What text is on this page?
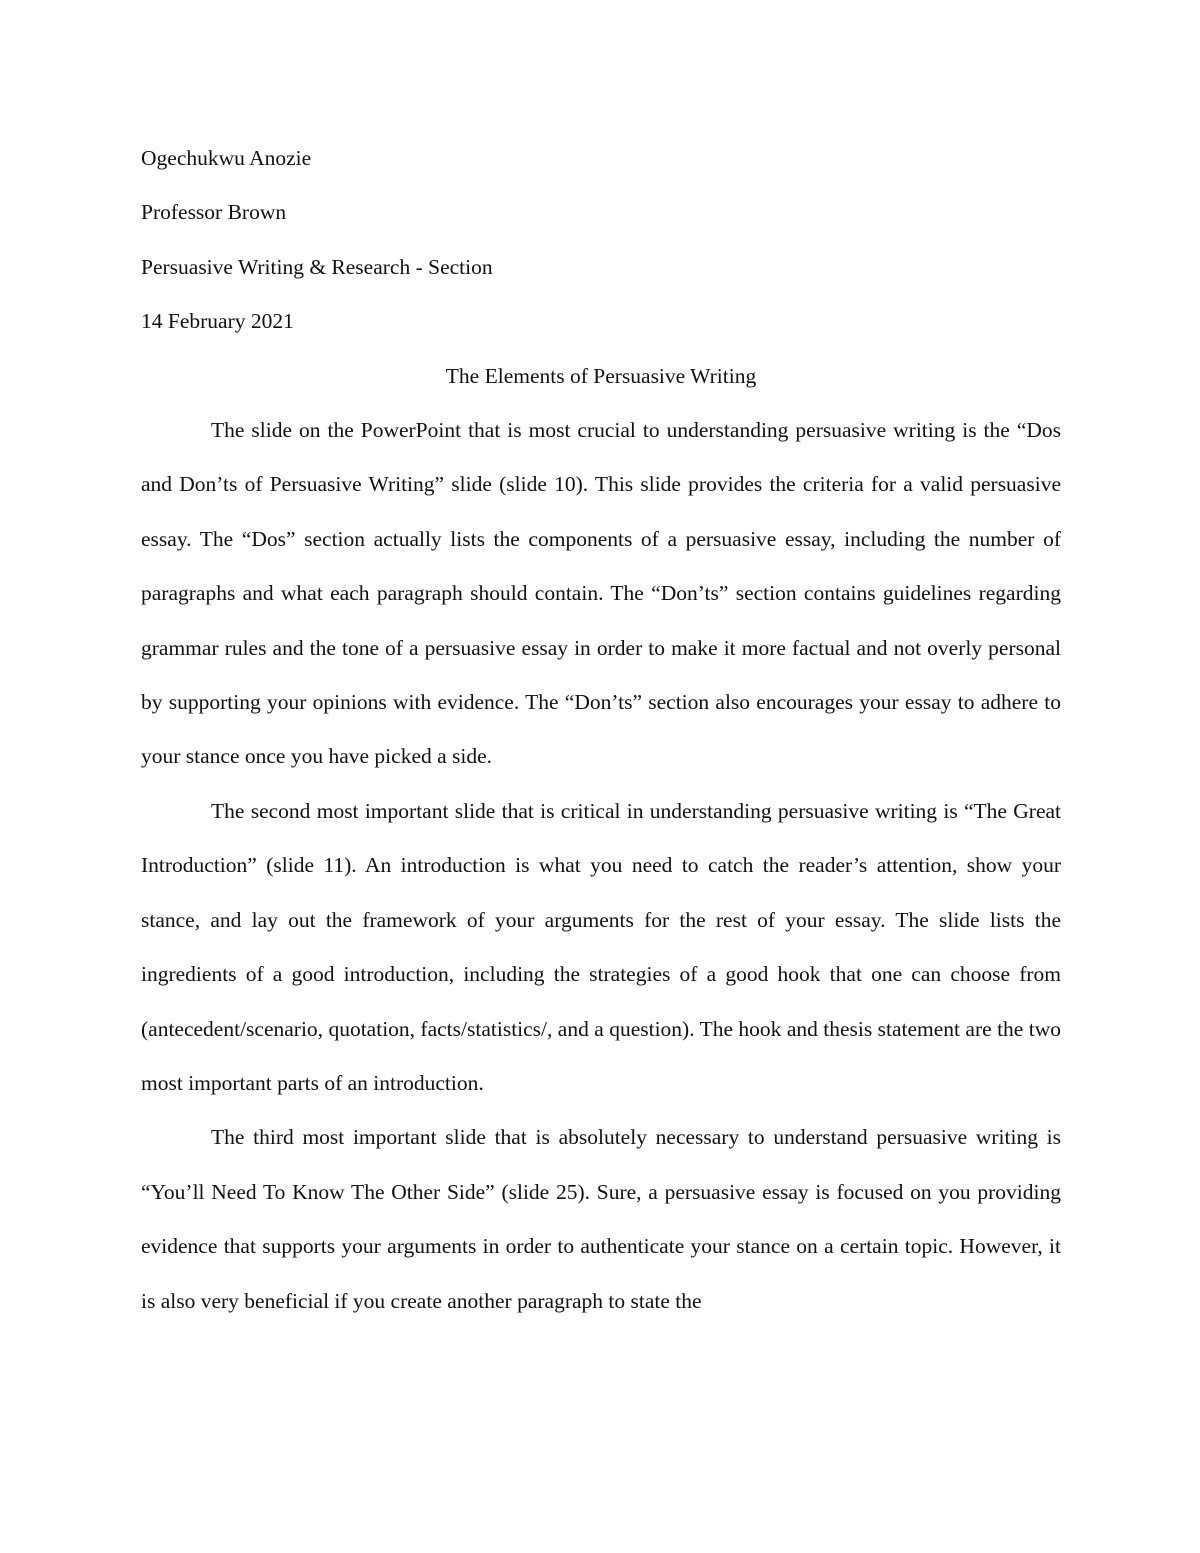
Ogechukwu Anozie

Professor Brown

Persuasive Writing & Research - Section

14 February 2021

The Elements of Persuasive Writing

The slide on the PowerPoint that is most crucial to understanding persuasive writing is the “Dos and Don’ts of Persuasive Writing” slide (slide 10). This slide provides the criteria for a valid persuasive essay. The “Dos” section actually lists the components of a persuasive essay, including the number of paragraphs and what each paragraph should contain. The “Don’ts” section contains guidelines regarding grammar rules and the tone of a persuasive essay in order to make it more factual and not overly personal by supporting your opinions with evidence. The “Don’ts” section also encourages your essay to adhere to your stance once you have picked a side.

The second most important slide that is critical in understanding persuasive writing is “The Great Introduction” (slide 11). An introduction is what you need to catch the reader’s attention, show your stance, and lay out the framework of your arguments for the rest of your essay. The slide lists the ingredients of a good introduction, including the strategies of a good hook that one can choose from (antecedent/scenario, quotation, facts/statistics/, and a question). The hook and thesis statement are the two most important parts of an introduction.

The third most important slide that is absolutely necessary to understand persuasive writing is “You’ll Need To Know The Other Side” (slide 25). Sure, a persuasive essay is focused on you providing evidence that supports your arguments in order to authenticate your stance on a certain topic. However, it is also very beneficial if you create another paragraph to state the
